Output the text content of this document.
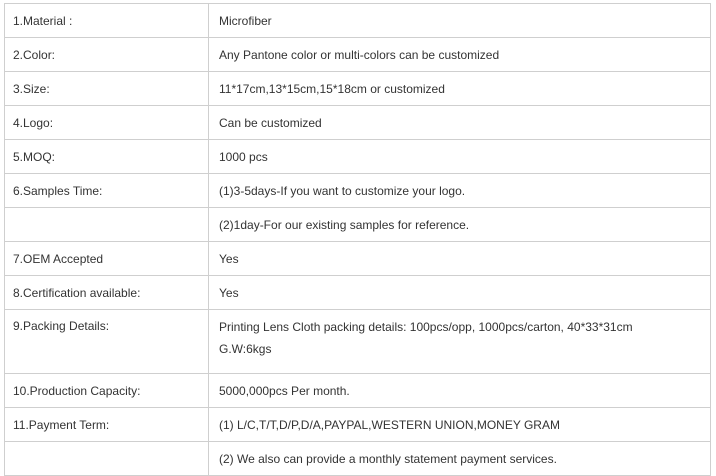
1.Material :	Microfiber
2.Color:	Any Pantone color or multi-colors can be customized
3.Size:	11*17cm,13*15cm,15*18cm or customized
4.Logo:	Can be customized
5.MOQ:	1000 pcs
6.Samples Time:	(1)3-5days-If you want to customize your logo.
	(2)1day-For our existing samples for reference.
7.OEM Accepted	Yes
8.Certification available:	Yes
9.Packing Details:	Printing Lens Cloth packing details: 100pcs/opp, 1000pcs/carton, 40*33*31cm
G.W:6kgs

10.Production Capacity:	5000,000pcs Per month.
11.Payment Term:	(1) L/C,T/T,D/P,D/A,PAYPAL,WESTERN UNION,MONEY GRAM
	(2) We also can provide a monthly statement payment services.
